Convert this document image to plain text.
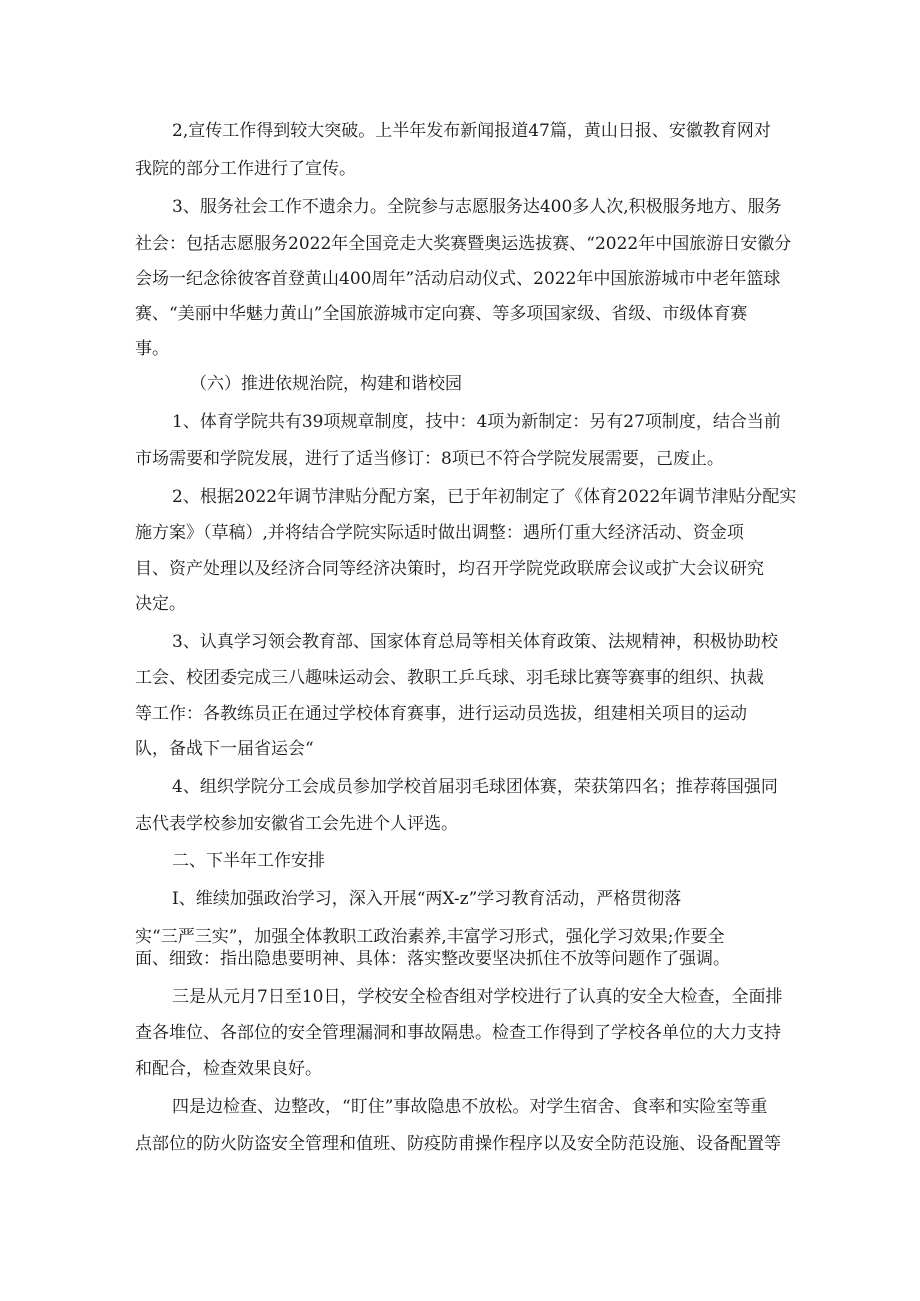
2,宣传工作得到较大突破。上半年发布新闻报道47篇，黄山日报、安徽教育网对
我院的部分工作进行了宣传。
3、服务社会工作不遗余力。全院参与志愿服务达400多人次,积极服务地方、服务
社会：包括志愿服务2022年全国竞走大奖赛暨奥运选拔赛、“2022年中国旅游日安徽分
会场一纪念徐彼客首登黄山400周年”活动启动仪式、2022年中国旅游城市中老年篮球
赛、“美丽中华魅力黄山”全国旅游城市定向赛、等多项国家级、省级、市级体育赛
事。
（六）推进依规治院，构建和谐校园
1、体育学院共有39项规章制度，技中：4项为新制定：另有27项制度，结合当前
市场需要和学院发展，进行了适当修订：8项已不符合学院发展需要，己废止。
2、根据2022年调节津贴分配方案，已于年初制定了《体育2022年调节津贴分配实
施方案》（草稿）,并将结合学院实际适时做出调整：遇所仃重大经济活动、资金项
目、资产处理以及经济合同等经济决策时，均召开学院党政联席会议或扩大会议研究
决定。
3、认真学习领会教育部、国家体育总局等相关体育政策、法规精神，积极协助校
工会、校团委完成三八趣味运动会、教职工乒乓球、羽毛球比赛等赛事的组织、执裁
等工作：各教练员正在通过学校体育赛事，进行运动员选拔，组建相关项目的运动
队，备战下一届省运会“
4、组织学院分工会成员参加学校首届羽毛球团体赛，荣获第四名；推荐蒋国强同
志代表学校参加安徽省工会先进个人评选。
二、下半年工作安排
I、维续加强政治学习，深入开展“两X-z”学习教育活动，严格贯彻落
实“三严三实”，加强全体教职工政治素养,丰富学习形式，强化学习效果;作要全
面、细致：指出隐患要明神、具体：落实整改要坚决抓住不放等问题作了强调。
三是从元月7日至10日，学校安全检杳组对学校进行了认真的安全大检查，全面排
查各堆位、各部位的安全管理漏洞和事故隔患。检查工作得到了学校各单位的大力支持
和配合，检查效果良好。
四是边检查、边整改，“盯住”事故隐患不放松。对学生宿舍、食率和实险室等重
点部位的防火防盗安全管理和值班、防疫防甫操作程序以及安全防范设施、设备配置等
